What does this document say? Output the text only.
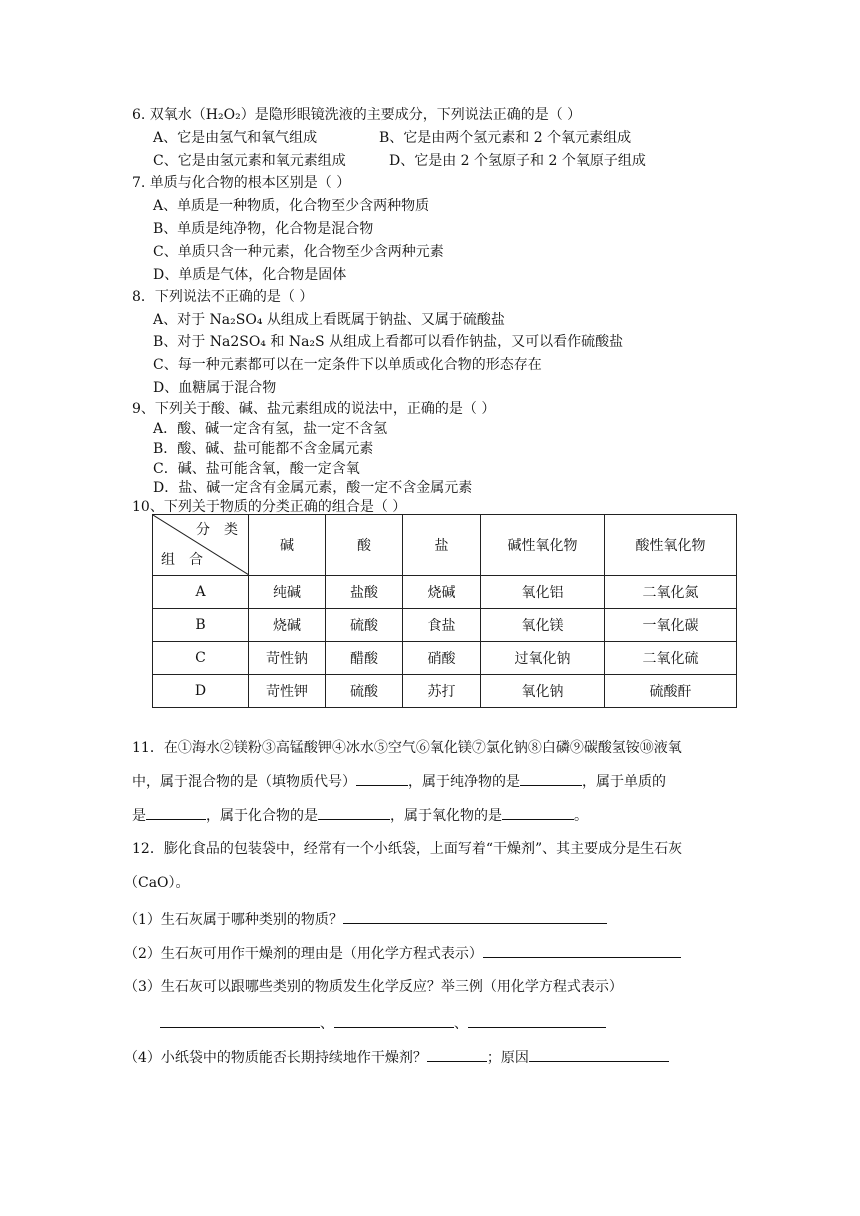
6. 双氧水（H₂O₂）是隐形眼镜洗液的主要成分，下列说法正确的是（ ）
A、它是由氢气和氧气组成	B、它是由两个氢元素和 2 个氧元素组成
C、它是由氢元素和氧元素组成	D、它是由 2 个氢原子和 2 个氧原子组成
7. 单质与化合物的根本区别是（ ）
A、单质是一种物质，化合物至少含两种物质
B、单质是纯净物，化合物是混合物
C、单质只含一种元素，化合物至少含两种元素
D、单质是气体，化合物是固体
8．下列说法不正确的是（ ）
A、对于 Na₂SO₄ 从组成上看既属于钠盐、又属于硫酸盐
B、对于 Na2SO₄ 和 Na₂S 从组成上看都可以看作钠盐，又可以看作硫酸盐
C、每一种元素都可以在一定条件下以单质或化合物的形态存在
D、血糖属于混合物
9、下列关于酸、碱、盐元素组成的说法中，正确的是（ ）
A．酸、碱一定含有氢，盐一定不含氢
B．酸、碱、盐可能都不含金属元素
C．碱、盐可能含氧，酸一定含氧
D．盐、碱一定含有金属元素，酸一定不含金属元素
10、下列关于物质的分类正确的组合是（ ）
分　类
组　合	碱	酸	盐	碱性氧化物	酸性氧化物
A	纯碱	盐酸	烧碱	氧化铝	二氧化氮
B	烧碱	硫酸	食盐	氧化镁	一氧化碳
C	苛性钠	醋酸	硝酸	过氧化钠	二氧化硫
D	苛性钾	硫酸	苏打	氧化钠	硫酸酐
11．在①海水②镁粉③高锰酸钾④冰水⑤空气⑥氧化镁⑦氯化钠⑧白磷⑨碳酸氢铵⑩液氧
中，属于混合物的是（填物质代号）	，属于纯净物的是	，属于单质的
是	，属于化合物的是	，属于氧化物的是	。
12．膨化食品的包装袋中，经常有一个小纸袋，上面写着“干燥剂”、其主要成分是生石灰
（CaO）。
（1）生石灰属于哪种类别的物质？
（2）生石灰可用作干燥剂的理由是（用化学方程式表示）
（3）生石灰可以跟哪些类别的物质发生化学反应？举三例（用化学方程式表示）
、	、
（4）小纸袋中的物质能否长期持续地作干燥剂？	；原因
